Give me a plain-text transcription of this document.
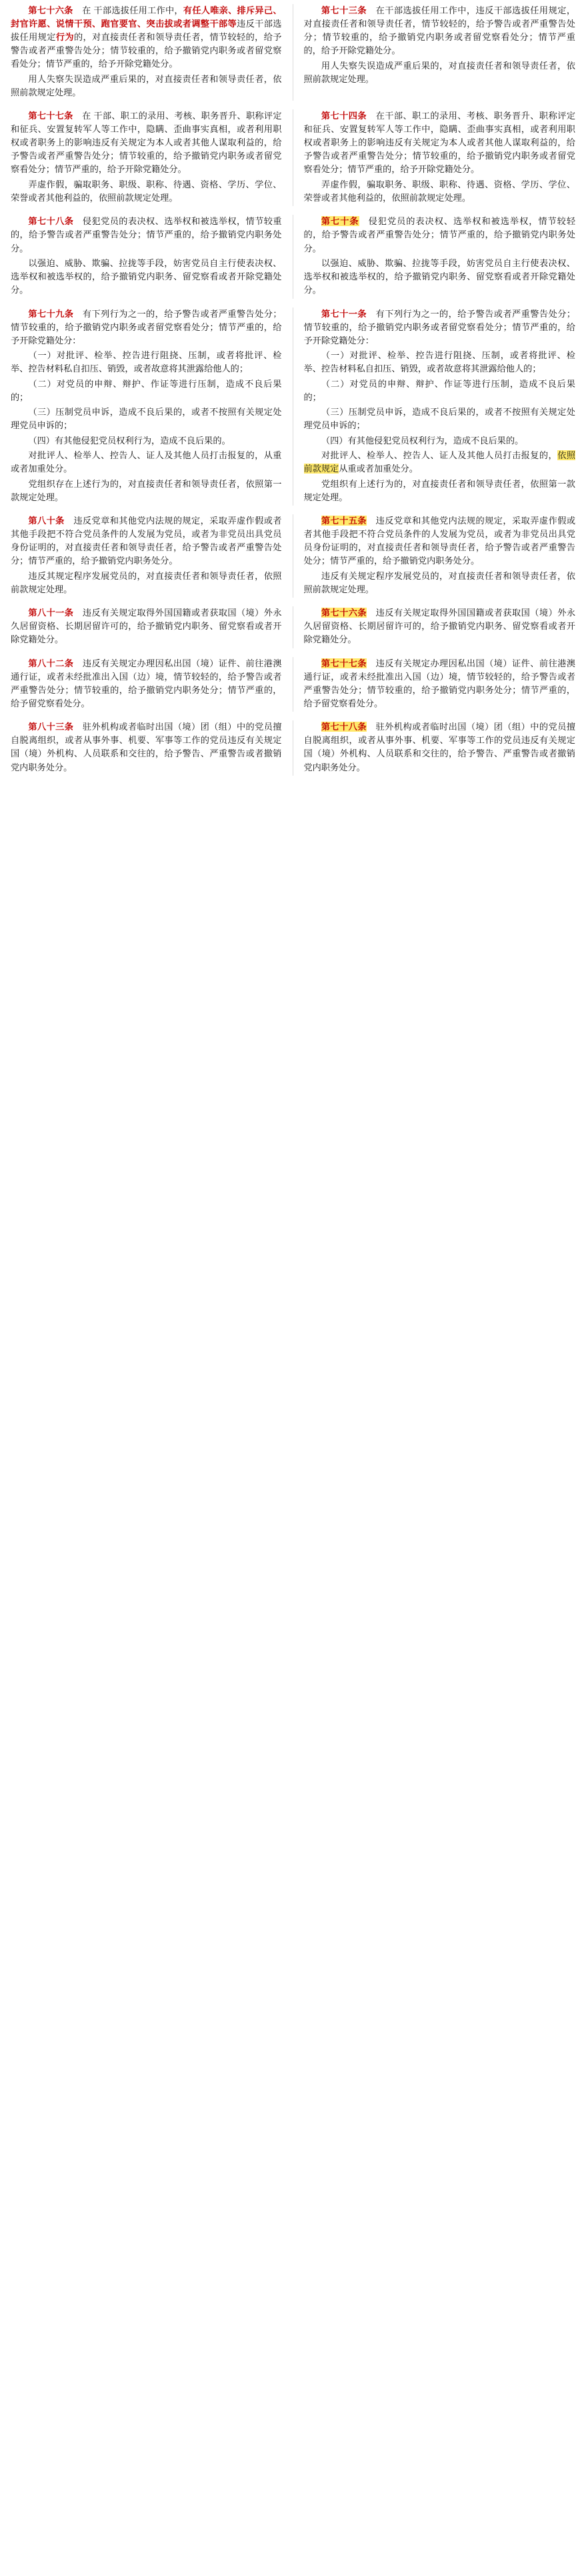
第七十六条　在 干部选拔任用工作中，有任人唯亲、排斥异己、封官许愿、说情干预、跑官要官、突击拔或者调整干部等违反干部选拔任用规定行为的，对直接责任者和领导责任者，情节较轻的，给予警告或者严重警告处分；情节较重的，给予撤销党内职务或者留党察看处分；情节严重的，给予开除党籍处分。

用人失察失误造成严重后果的，对直接责任者和领导责任者，依照前款规定处理。

第七十三条　在干部选拔任用工作中，违反干部选拔任用规定，对直接责任者和领导责任者，情节较轻的，给予警告或者严重警告处分；情节较重的，给予撤销党内职务或者留党察看处分；情节严重的，给予开除党籍处分。

用人失察失误造成严重后果的，对直接责任者和领导责任者，依照前款规定处理。

第七十七条　在 干部、职工的录用、考核、职务晋升、职称评定和征兵、安置复转军人等工作中，隐瞒、歪曲事实真相，或者利用职权或者职务上的影响违反有关规定为本人或者其他人谋取利益的，给予警告或者严重警告处分；情节较重的，给予撤销党内职务或者留党察看处分；情节严重的，给予开除党籍处分。

弄虚作假，骗取职务、职级、职称、待遇、资格、学历、学位、荣誉或者其他利益的，依照前款规定处理。

第七十四条　在干部、职工的录用、考核、职务晋升、职称评定和征兵、安置复转军人等工作中，隐瞒、歪曲事实真相，或者利用职权或者职务上的影响违反有关规定为本人或者其他人谋取利益的，给予警告或者严重警告处分；情节较重的，给予撤销党内职务或者留党察看处分；情节严重的，给予开除党籍处分。

弄虚作假，骗取职务、职级、职称、待遇、资格、学历、学位、荣誉或者其他利益的，依照前款规定处理。

第七十八条　侵犯党员的表决权、选举权和被选举权，情节较重的，给予警告或者严重警告处分；情节严重的，给予撤销党内职务处分。

以强迫、威胁、欺骗、拉拢等手段，妨害党员自主行使表决权、选举权和被选举权的，给予撤销党内职务、留党察看或者开除党籍处分。

第七十条　侵犯党员的表决权、选举权和被选举权，情节较轻的，给予警告或者严重警告处分；情节严重的，给予撤销党内职务处分。

以强迫、威胁、欺骗、拉拢等手段，妨害党员自主行使表决权、选举权和被选举权的，给予撤销党内职务、留党察看或者开除党籍处分。

第七十九条　有下列行为之一的，给予警告或者严重警告处分；情节较重的，给予撤销党内职务或者留党察看处分；情节严重的，给予开除党籍处分：

（一）对批评、检举、控告进行阻挠、压制，或者将批评、检举、控告材料私自扣压、销毁，或者故意将其泄露给他人的；

（二）对党员的申辩、辩护、作证等进行压制，造成不良后果的；

（三）压制党员申诉，造成不良后果的，或者不按照有关规定处理党员申诉的；

（四）有其他侵犯党员权利行为，造成不良后果的。

对批评人、检举人、控告人、证人及其他人员打击报复的，从重或者加重处分。

党组织存在上述行为的，对直接责任者和领导责任者，依照第一款规定处理。

第七十一条　有下列行为之一的，给予警告或者严重警告处分；情节较重的，给予撤销党内职务或者留党察看处分；情节严重的，给予开除党籍处分：

（一）对批评、检举、控告进行阻挠、压制，或者将批评、检举、控告材料私自扣压、销毁，或者故意将其泄露给他人的；

（二）对党员的申辩、辩护、作证等进行压制，造成不良后果的；

（三）压制党员申诉，造成不良后果的，或者不按照有关规定处理党员申诉的；

（四）有其他侵犯党员权利行为，造成不良后果的。

对批评人、检举人、控告人、证人及其他人员打击报复的，依照前款规定从重或者加重处分。

党组织有上述行为的，对直接责任者和领导责任者，依照第一款规定处理。

第八十条　违反党章和其他党内法规的规定，采取弄虚作假或者其他手段把不符合党员条件的人发展为党员，或者为非党员出具党员身份证明的，对直接责任者和领导责任者，给予警告或者严重警告处分；情节严重的，给予撤销党内职务处分。

违反其规定程序发展党员的，对直接责任者和领导责任者，依照前款规定处理。

第七十五条　违反党章和其他党内法规的规定，采取弄虚作假或者其他手段把不符合党员条件的人发展为党员，或者为非党员出具党员身份证明的，对直接责任者和领导责任者，给予警告或者严重警告处分；情节严重的，给予撤销党内职务处分。

违反有关规定程序发展党员的，对直接责任者和领导责任者，依照前款规定处理。

第八十一条　违反有关规定取得外国国籍或者获取国（境）外永久居留资格、长期居留许可的，给予撤销党内职务、留党察看或者开除党籍处分。

第七十六条　违反有关规定取得外国国籍或者获取国（境）外永久居留资格、长期居留许可的，给予撤销党内职务、留党察看或者开除党籍处分。

第八十二条　违反有关规定办理因私出国（境）证件、前往港澳通行证，或者未经批准出入国（边）境，情节较轻的，给予警告或者严重警告处分；情节较重的，给予撤销党内职务处分；情节严重的，给予留党察看处分。

第七十七条　违反有关规定办理因私出国（境）证件、前往港澳通行证，或者未经批准出入国（边）境，情节较轻的，给予警告或者严重警告处分；情节较重的，给予撤销党内职务处分；情节严重的，给予留党察看处分。

第八十三条　驻外机构或者临时出国（境）团（组）中的党员擅自脱离组织，或者从事外事、机要、军事等工作的党员违反有关规定国（境）外机构、人员联系和交往的，给予警告、严重警告或者撤销党内职务处分。

第七十八条　驻外机构或者临时出国（境）团（组）中的党员擅自脱离组织，或者从事外事、机要、军事等工作的党员违反有关规定国（境）外机构、人员联系和交往的，给予警告、严重警告或者撤销党内职务处分。
